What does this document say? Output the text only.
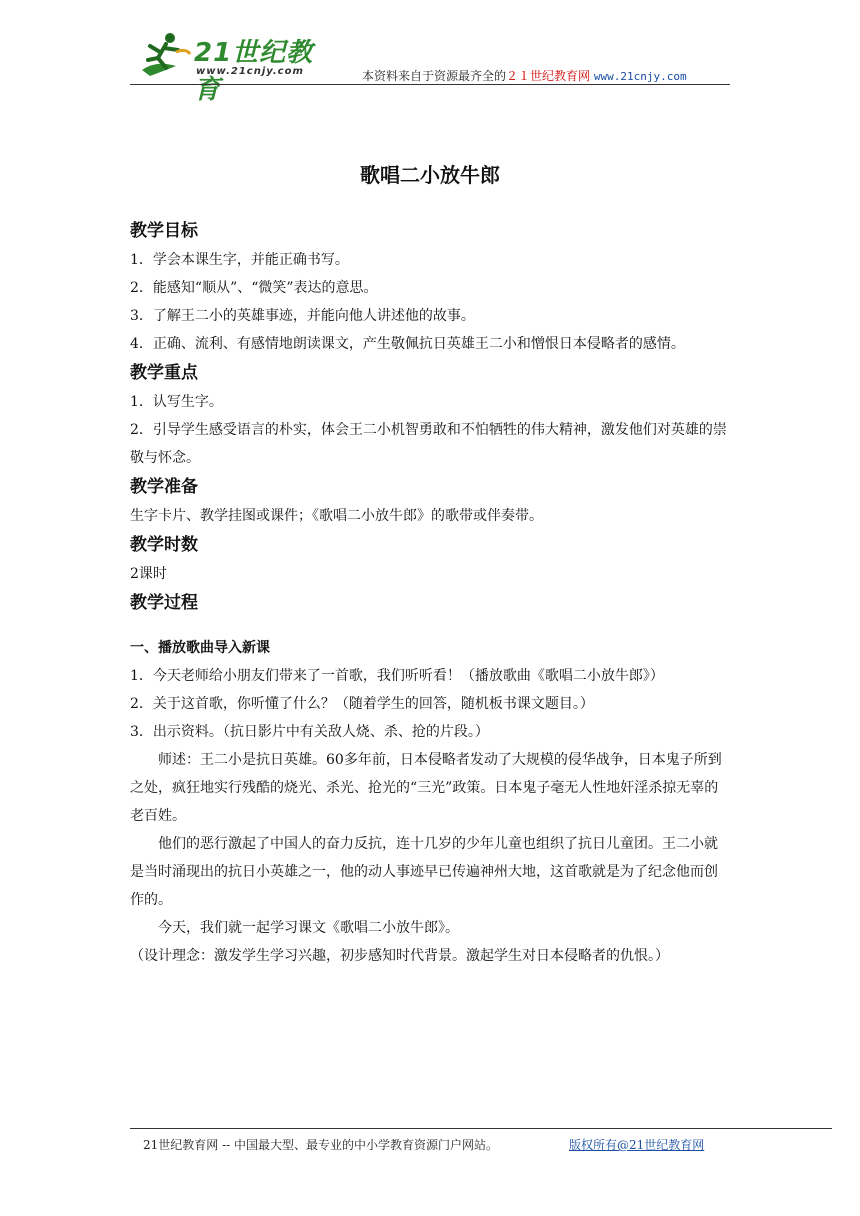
21世纪教育
www.21cnjy.com	本资料来自于资源最齐全的２１世纪教育网 www.21cnjy.com
歌唱二小放牛郎
教学目标

1．学会本课生字，并能正确书写。

2．能感知“顺从”、“微笑”表达的意思。

3．了解王二小的英雄事迹，并能向他人讲述他的故事。

4．正确、流利、有感情地朗读课文，产生敬佩抗日英雄王二小和憎恨日本侵略者的感情。

教学重点

1．认写生字。

2．引导学生感受语言的朴实，体会王二小机智勇敢和不怕牺牲的伟大精神，激发他们对英雄的崇敬与怀念。

教学准备

生字卡片、教学挂图或课件；《歌唱二小放牛郎》的歌带或伴奏带。

教学时数

2课时

教学过程

一、播放歌曲导入新课

1．今天老师给小朋友们带来了一首歌，我们听听看！（播放歌曲《歌唱二小放牛郎》）

2．关于这首歌，你听懂了什么？（随着学生的回答，随机板书课文题目。）

3．出示资料。（抗日影片中有关敌人烧、杀、抢的片段。）

师述：王二小是抗日英雄。60多年前，日本侵略者发动了大规模的侵华战争，日本鬼子所到之处，疯狂地实行残酷的烧光、杀光、抢光的“三光”政策。日本鬼子毫无人性地奸淫杀掠无辜的老百姓。

他们的恶行激起了中国人的奋力反抗，连十几岁的少年儿童也组织了抗日儿童团。王二小就是当时涌现出的抗日小英雄之一，他的动人事迹早已传遍神州大地，这首歌就是为了纪念他而创作的。

今天，我们就一起学习课文《歌唱二小放牛郎》。

（设计理念：激发学生学习兴趣，初步感知时代背景。激起学生对日本侵略者的仇恨。）

21世纪教育网 -- 中国最大型、最专业的中小学教育资源门户网站。	版权所有@21世纪教育网
